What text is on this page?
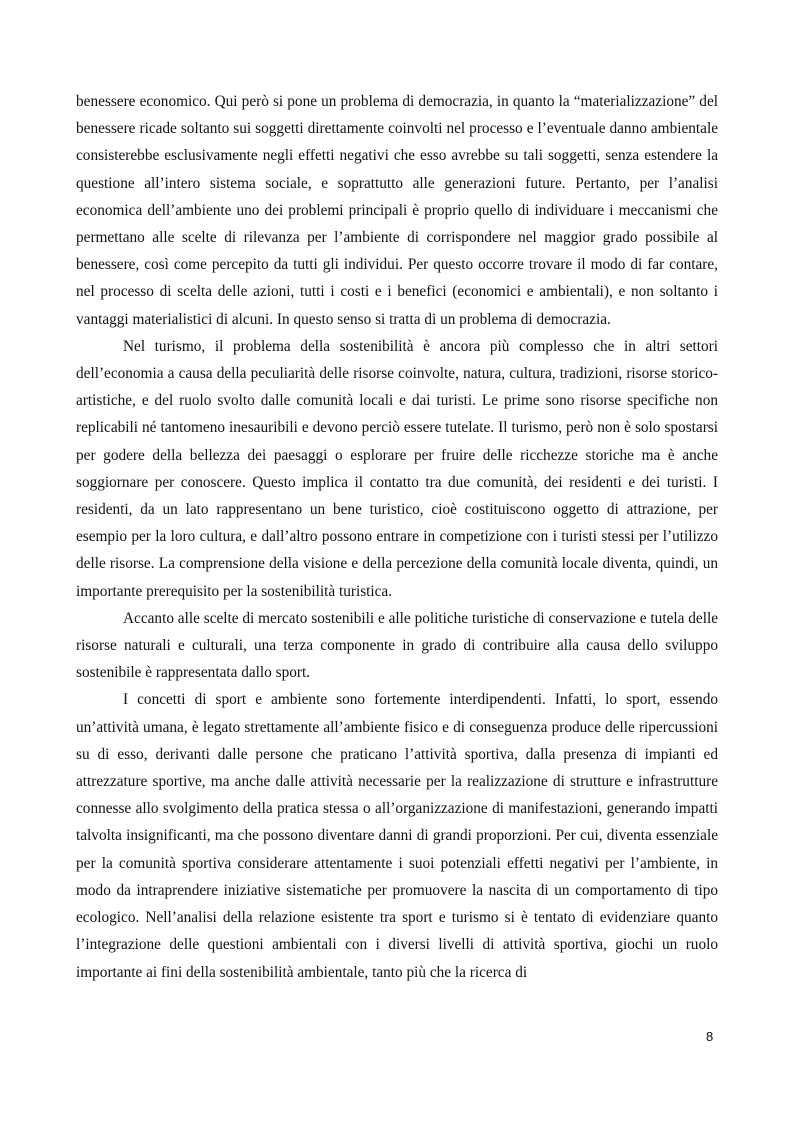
benessere economico. Qui però si pone un problema di democrazia, in quanto la “materializzazione” del benessere ricade soltanto sui soggetti direttamente coinvolti nel processo e l’eventuale danno ambientale consisterebbe esclusivamente negli effetti negativi che esso avrebbe su tali soggetti, senza estendere la questione all’intero sistema sociale, e soprattutto alle generazioni future. Pertanto, per l’analisi economica dell’ambiente uno dei problemi principali è proprio quello di individuare i meccanismi che permettano alle scelte di rilevanza per l’ambiente di corrispondere nel maggior grado possibile al benessere, così come percepito da tutti gli individui. Per questo occorre trovare il modo di far contare, nel processo di scelta delle azioni, tutti i costi e i benefici (economici e ambientali), e non soltanto i vantaggi materialistici di alcuni. In questo senso si tratta di un problema di democrazia.

Nel turismo, il problema della sostenibilità è ancora più complesso che in altri settori dell’economia a causa della peculiarità delle risorse coinvolte, natura, cultura, tradizioni, risorse storico-artistiche, e del ruolo svolto dalle comunità locali e dai turisti. Le prime sono risorse specifiche non replicabili né tantomeno inesauribili e devono perciò essere tutelate. Il turismo, però non è solo spostarsi per godere della bellezza dei paesaggi o esplorare per fruire delle ricchezze storiche ma è anche soggiornare per conoscere. Questo implica il contatto tra due comunità, dei residenti e dei turisti. I residenti, da un lato rappresentano un bene turistico, cioè costituiscono oggetto di attrazione, per esempio per la loro cultura, e dall’altro possono entrare in competizione con i turisti stessi per l’utilizzo delle risorse. La comprensione della visione e della percezione della comunità locale diventa, quindi, un importante prerequisito per la sostenibilità turistica.

Accanto alle scelte di mercato sostenibili e alle politiche turistiche di conservazione e tutela delle risorse naturali e culturali, una terza componente in grado di contribuire alla causa dello sviluppo sostenibile è rappresentata dallo sport.

I concetti di sport e ambiente sono fortemente interdipendenti. Infatti, lo sport, essendo un’attività umana, è legato strettamente all’ambiente fisico e di conseguenza produce delle ripercussioni su di esso, derivanti dalle persone che praticano l’attività sportiva, dalla presenza di impianti ed attrezzature sportive, ma anche dalle attività necessarie per la realizzazione di strutture e infrastrutture connesse allo svolgimento della pratica stessa o all’organizzazione di manifestazioni, generando impatti talvolta insignificanti, ma che possono diventare danni di grandi proporzioni. Per cui, diventa essenziale per la comunità sportiva considerare attentamente i suoi potenziali effetti negativi per l’ambiente, in modo da intraprendere iniziative sistematiche per promuovere la nascita di un comportamento di tipo ecologico. Nell’analisi della relazione esistente tra sport e turismo si è tentato di evidenziare quanto l’integrazione delle questioni ambientali con i diversi livelli di attività sportiva, giochi un ruolo importante ai fini della sostenibilità ambientale, tanto più che la ricerca di

8
